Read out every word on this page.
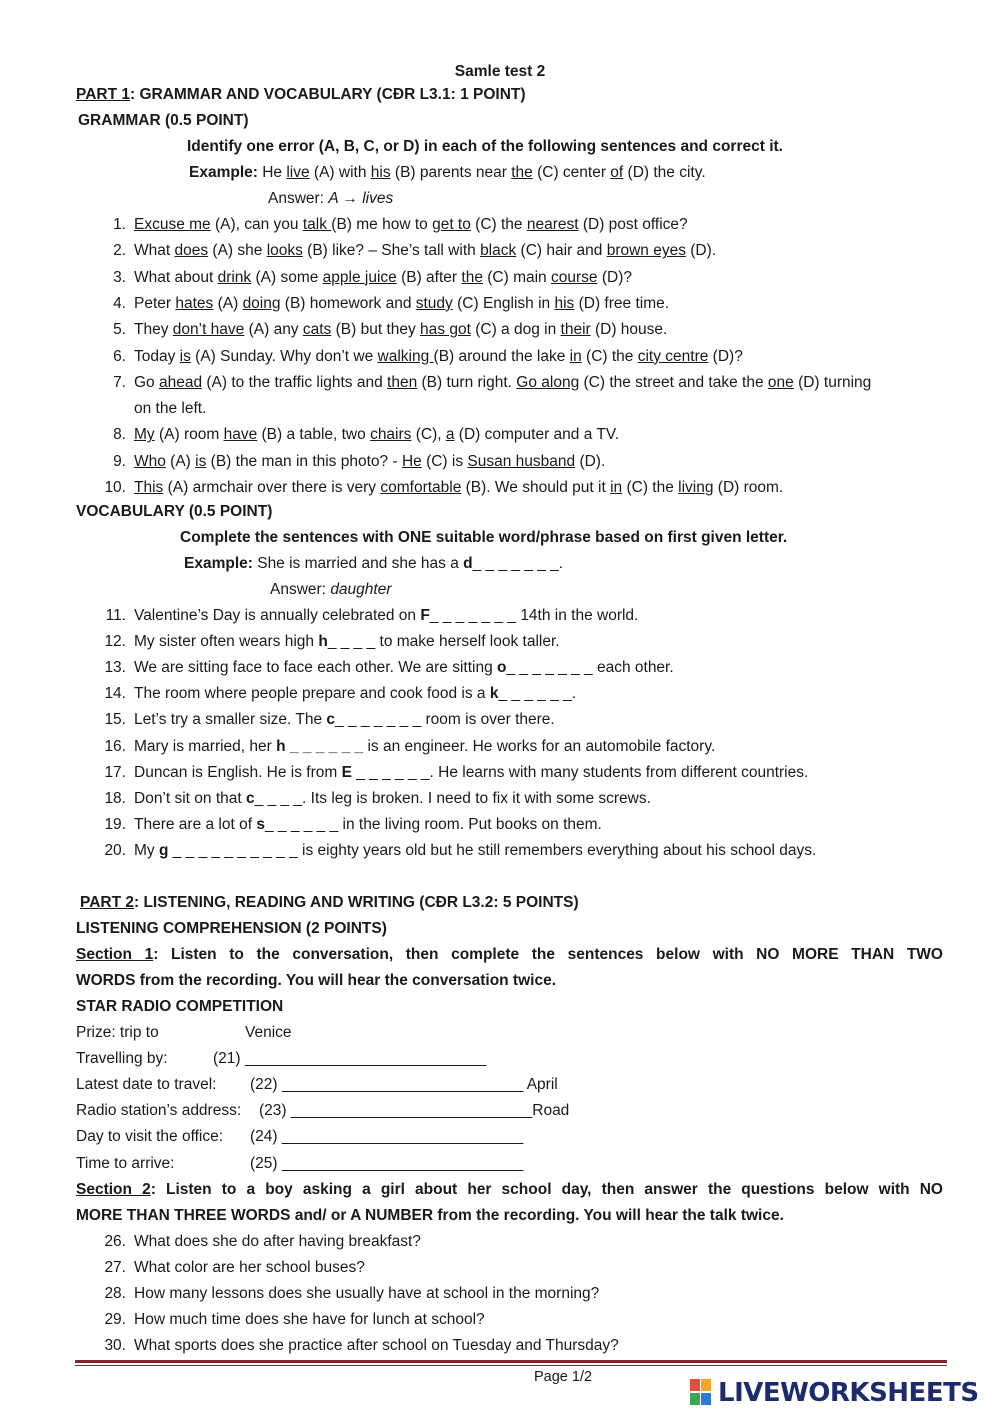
Samle test 2
PART 1: GRAMMAR AND VOCABULARY (CĐR L3.1: 1 POINT)
GRAMMAR (0.5 POINT)
Identify one error (A, B, C, or D) in each of the following sentences and correct it.
Example: He live (A) with his (B) parents near the (C) center of (D) the city.
Answer: A → lives
1. Excuse me (A), can you talk (B) me how to get to (C) the nearest (D) post office?
2. What does (A) she looks (B) like? – She’s tall with black (C) hair and brown eyes (D).
3. What about drink (A) some apple juice (B) after the (C) main course (D)?
4. Peter hates (A) doing (B) homework and study (C) English in his (D) free time.
5. They don’t have (A) any cats (B) but they has got (C) a dog in their (D) house.
6. Today is (A) Sunday. Why don’t we walking (B) around the lake in (C) the city centre (D)?
7. Go ahead (A) to the traffic lights and then (B) turn right. Go along (C) the street and take the one (D) turning
on the left.
8. My (A) room have (B) a table, two chairs (C), a (D) computer and a TV.
9. Who (A) is (B) the man in this photo? - He (C) is Susan husband (D).
10. This (A) armchair over there is very comfortable (B). We should put it in (C) the living (D) room.
VOCABULARY (0.5 POINT)
Complete the sentences with ONE suitable word/phrase based on first given letter.
Example: She is married and she has a d_ _ _ _ _ _ _.
Answer: daughter
11. Valentine’s Day is annually celebrated on F_ _ _ _ _ _ _ 14th in the world.
12. My sister often wears high h_ _ _ _ to make herself look taller.
13. We are sitting face to face each other. We are sitting o_ _ _ _ _ _ _ each other.
14. The room where people prepare and cook food is a k_ _ _ _ _ _.
15. Let’s try a smaller size. The c_ _ _ _ _ _ _ room is over there.
16. Mary is married, her h _ _ _ _ _ _ is an engineer. He works for an automobile factory.
17. Duncan is English. He is from E _ _ _ _ _ _. He learns with many students from different countries.
18. Don’t sit on that c_ _ _ _. Its leg is broken. I need to fix it with some screws.
19. There are a lot of s_ _ _ _ _ _ in the living room. Put books on them.
20. My g _ _ _ _ _ _ _ _ _ _ is eighty years old but he still remembers everything about his school days.
PART 2: LISTENING, READING AND WRITING (CĐR L3.2: 5 POINTS)
LISTENING COMPREHENSION (2 POINTS)
Section 1: Listen to the conversation, then complete the sentences below with NO MORE THAN TWO
WORDS from the recording. You will hear the conversation twice.
STAR RADIO COMPETITION
Prize: trip to	Venice
Travelling by:	(21) ____________________________
Latest date to travel: (22) ____________________________ April
Radio station’s address: (23) ____________________________Road
Day to visit the office: (24) ____________________________
Time to arrive:	(25) ____________________________
Section 2: Listen to a boy asking a girl about her school day, then answer the questions below with NO
MORE THAN THREE WORDS and/ or A NUMBER from the recording. You will hear the talk twice.
26. What does she do after having breakfast?
27. What color are her school buses?
28. How many lessons does she usually have at school in the morning?
29. How much time does she have for lunch at school?
30. What sports does she practice after school on Tuesday and Thursday?
Page 1/2
LIVEWORKSHEETS
